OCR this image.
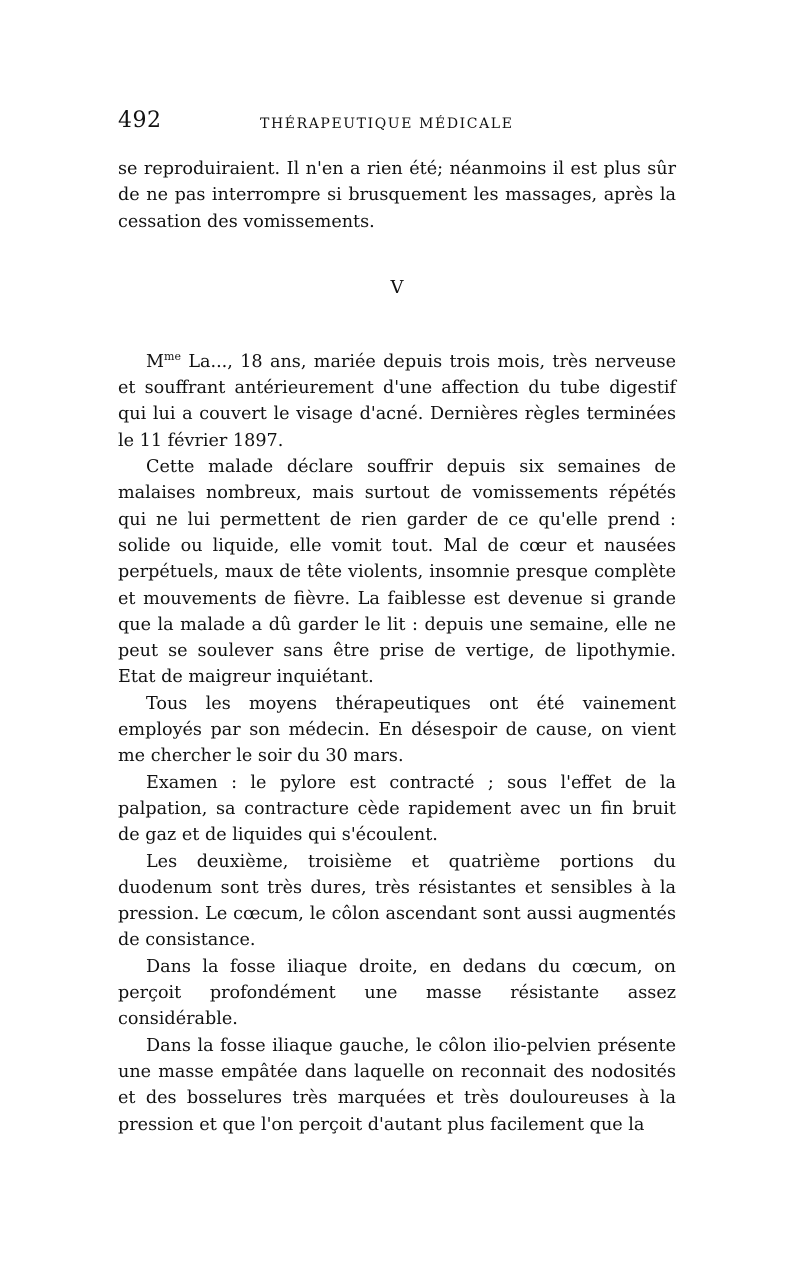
492	THÉRAPEUTIQUE MÉDICALE

se reproduiraient. Il n'en a rien été; néanmoins il est plus sûr de ne pas interrompre si brusquement les massages, après la cessation des vomissements.

V

$M^{me}$ La..., 18 ans, mariée depuis trois mois, très nerveuse et souffrant antérieurement d'une affection du tube digestif qui lui a couvert le visage d'acné. Dernières règles terminées le 11 février 1897.

Cette malade déclare souffrir depuis six semaines de malaises nombreux, mais surtout de vomissements répétés qui ne lui permettent de rien garder de ce qu'elle prend : solide ou liquide, elle vomit tout. Mal de cœur et nausées perpétuels, maux de tête violents, insomnie presque complète et mouvements de fièvre. La faiblesse est devenue si grande que la malade a dû garder le lit : depuis une semaine, elle ne peut se soulever sans être prise de vertige, de lipothymie. Etat de maigreur inquiétant.

Tous les moyens thérapeutiques ont été vainement employés par son médecin. En désespoir de cause, on vient me chercher le soir du 30 mars.

Examen : le pylore est contracté ; sous l'effet de la palpation, sa contracture cède rapidement avec un fin bruit de gaz et de liquides qui s'écoulent.

Les deuxième, troisième et quatrième portions du duodenum sont très dures, très résistantes et sensibles à la pression. Le cœcum, le côlon ascendant sont aussi augmentés de consistance.

Dans la fosse iliaque droite, en dedans du cœcum, on perçoit profondément une masse résistante assez considérable.

Dans la fosse iliaque gauche, le côlon ilio-pelvien présente une masse empâtée dans laquelle on reconnait des nodosités et des bosselures très marquées et très douloureuses à la pression et que l'on perçoit d'autant plus facilement que la
